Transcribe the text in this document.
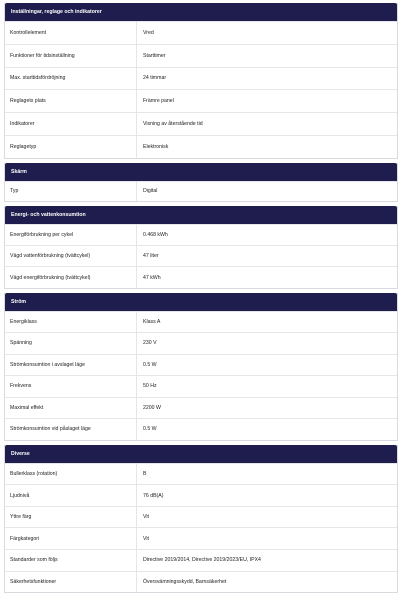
Inställningar, reglage och indikatorer
Kontrollelement	Vred
Funktioner för tidsinställning	Starttimer
Max. starttidsfördröjning	24 timmar
Reglagets plats	Främre panel
Indikatorer	Visning av återstående tid
Reglagetyp	Elektronisk
Skärm
Typ	Digital
Energi- och vattenkonsumtion
Energiförbrukning per cykel	0.468 kWh
Vägd vattenförbrukning (tvättcykel)	47 liter
Vägd energiförbrukning (tvättcykel)	47 kWh
Ström
Energiklass	Klass A
Spänning	230 V
Strömkonsumtion i avslaget läge	0.5 W
Frekvens	50 Hz
Maximal effekt	2200 W
Strömkonsumtion vid påslaget läge	0.5 W
Diverse
Bullerklass (rotation)	B
Ljudnivå	76 dB(A)
Yttre färg	Vit
Färgkategori	Vit
Standarder som följs	Directive 2019/2014, Directive 2019/2023/EU, IPX4
Säkerhetsfunktioner	Översvämningsskydd, Barnsäkerhet
